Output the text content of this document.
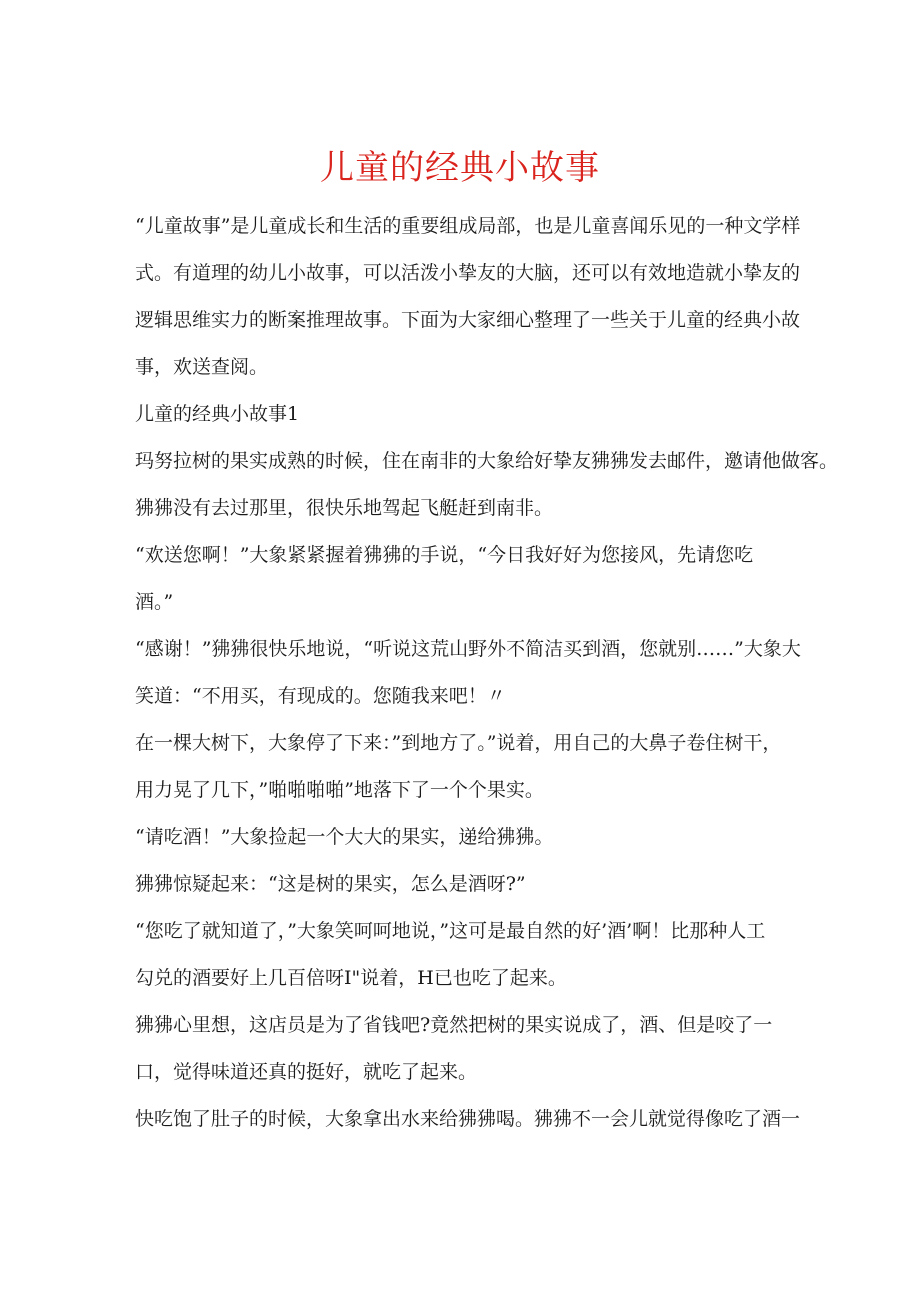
儿童的经典小故事

“儿童故事”是儿童成长和生活的重要组成局部，也是儿童喜闻乐见的一种文学样

式。有道理的幼儿小故事，可以活泼小挚友的大脑，还可以有效地造就小挚友的

逻辑思维实力的断案推理故事。下面为大家细心整理了一些关于儿童的经典小故

事，欢送查阅。

儿童的经典小故事1

玛努拉树的果实成熟的时候，住在南非的大象给好挚友狒狒发去邮件，邀请他做客。

狒狒没有去过那里，很快乐地驾起飞艇赶到南非。

“欢送您啊！”大象紧紧握着狒狒的手说，“今日我好好为您接风，先请您吃

酒。”

“感谢！”狒狒很快乐地说，“听说这荒山野外不简洁买到酒，您就别……”大象大

笑道：“不用买，有现成的。您随我来吧！〃

在一棵大树下，大象停了下来：”到地方了。”说着，用自己的大鼻子卷住树干，

用力晃了几下，”啪啪啪啪”地落下了一个个果实。

“请吃酒！”大象捡起一个大大的果实，递给狒狒。

狒狒惊疑起来：“这是树的果实，怎么是酒呀?”

“您吃了就知道了，”大象笑呵呵地说，”这可是最自然的好’酒’啊！比那种人工

勾兑的酒要好上几百倍呀I"说着，H已也吃了起来。

狒狒心里想，这店员是为了省钱吧?竟然把树的果实说成了，酒、但是咬了一

口，觉得味道还真的挺好，就吃了起来。

快吃饱了肚子的时候，大象拿出水来给狒狒喝。狒狒不一会儿就觉得像吃了酒一
